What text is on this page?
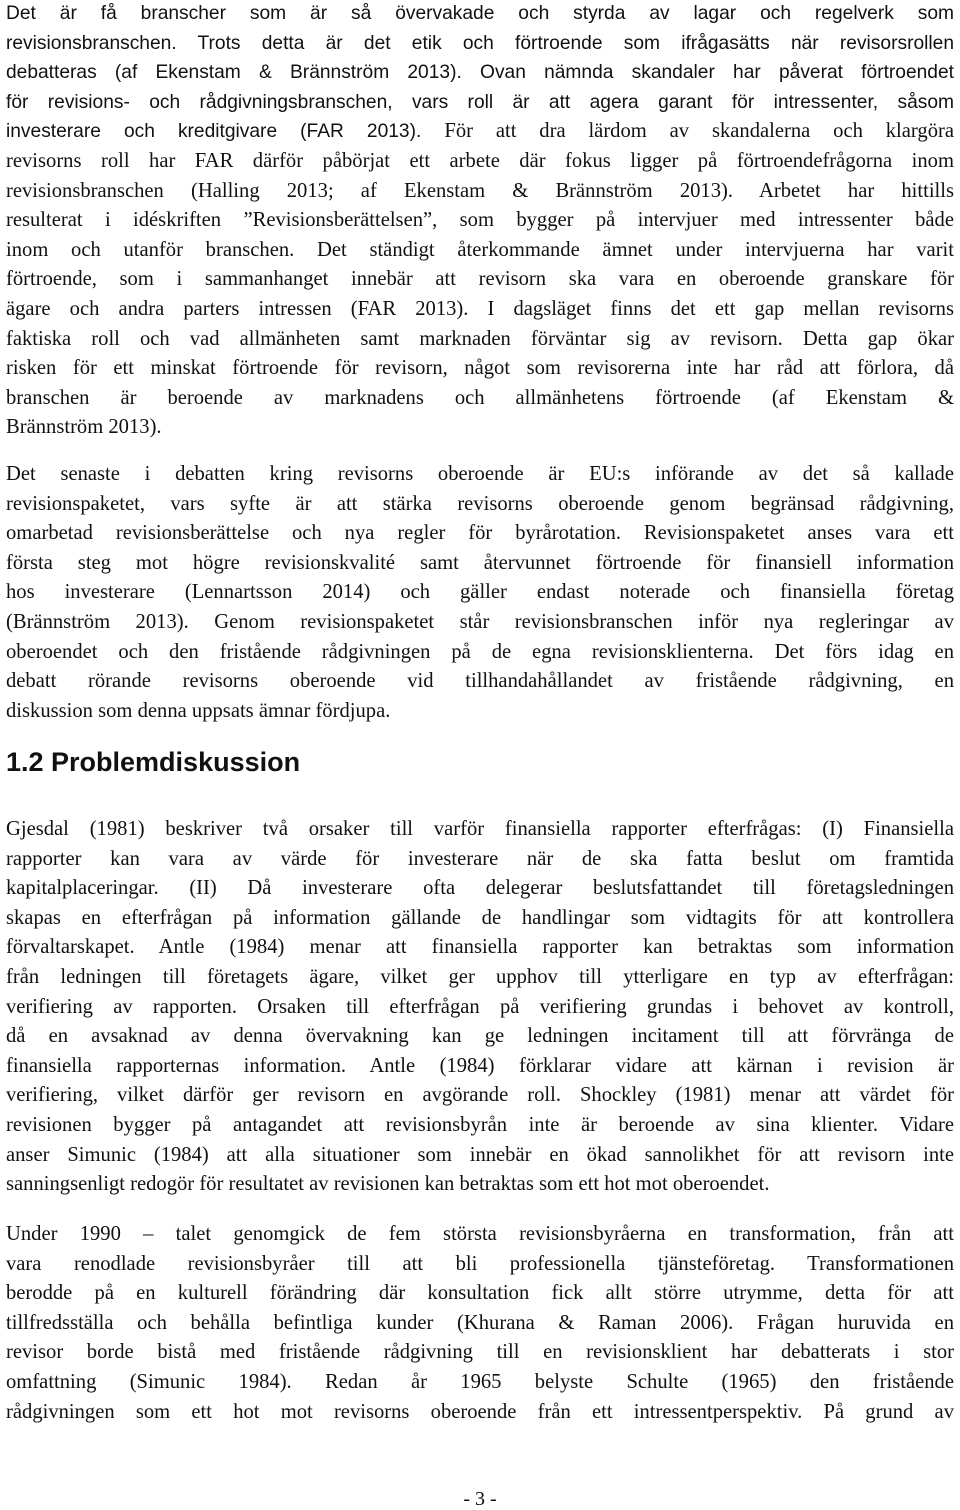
Det är få branscher som är så övervakade och styrda av lagar och regelverk som
revisionsbranschen. Trots detta är det etik och förtroende som ifrågasätts när revisorsrollen
debatteras (af Ekenstam & Brännström 2013). Ovan nämnda skandaler har påverat förtroendet
för revisions- och rådgivningsbranschen, vars roll är att agera garant för intressenter, såsom
investerare och kreditgivare (FAR 2013). För att dra lärdom av skandalerna och klargöra
revisorns roll har FAR därför påbörjat ett arbete där fokus ligger på förtroendefrågorna inom
revisionsbranschen (Halling 2013; af Ekenstam & Brännström 2013). Arbetet har hittills
resulterat i idéskriften ”Revisionsberättelsen”, som bygger på intervjuer med intressenter både
inom och utanför branschen. Det ständigt återkommande ämnet under intervjuerna har varit
förtroende, som i sammanhanget innebär att revisorn ska vara en oberoende granskare för
ägare och andra parters intressen (FAR 2013). I dagsläget finns det ett gap mellan revisorns
faktiska roll och vad allmänheten samt marknaden förväntar sig av revisorn. Detta gap ökar
risken för ett minskat förtroende för revisorn, något som revisorerna inte har råd att förlora, då
branschen är beroende av marknadens och allmänhetens förtroende (af Ekenstam &
Brännström 2013).
Det senaste i debatten kring revisorns oberoende är EU:s införande av det så kallade
revisionspaketet, vars syfte är att stärka revisorns oberoende genom begränsad rådgivning,
omarbetad revisionsberättelse och nya regler för byrårotation. Revisionspaketet anses vara ett
första steg mot högre revisionskvalité samt återvunnet förtroende för finansiell information
hos investerare (Lennartsson 2014) och gäller endast noterade och finansiella företag
(Brännström 2013). Genom revisionspaketet står revisionsbranschen inför nya regleringar av
oberoendet och den fristående rådgivningen på de egna revisionsklienterna. Det förs idag en
debatt rörande revisorns oberoende vid tillhandahållandet av fristående rådgivning, en
diskussion som denna uppsats ämnar fördjupa.
1.2 Problemdiskussion
Gjesdal (1981) beskriver två orsaker till varför finansiella rapporter efterfrågas: (I) Finansiella
rapporter kan vara av värde för investerare när de ska fatta beslut om framtida
kapitalplaceringar. (II) Då investerare ofta delegerar beslutsfattandet till företagsledningen
skapas en efterfrågan på information gällande de handlingar som vidtagits för att kontrollera
förvaltarskapet. Antle (1984) menar att finansiella rapporter kan betraktas som information
från ledningen till företagets ägare, vilket ger upphov till ytterligare en typ av efterfrågan:
verifiering av rapporten. Orsaken till efterfrågan på verifiering grundas i behovet av kontroll,
då en avsaknad av denna övervakning kan ge ledningen incitament till att förvränga de
finansiella rapporternas information. Antle (1984) förklarar vidare att kärnan i revision är
verifiering, vilket därför ger revisorn en avgörande roll. Shockley (1981) menar att värdet för
revisionen bygger på antagandet att revisionsbyrån inte är beroende av sina klienter. Vidare
anser Simunic (1984) att alla situationer som innebär en ökad sannolikhet för att revisorn inte
sanningsenligt redogör för resultatet av revisionen kan betraktas som ett hot mot oberoendet.
Under 1990 – talet genomgick de fem största revisionsbyråerna en transformation, från att
vara renodlade revisionsbyråer till att bli professionella tjänsteföretag. Transformationen
berodde på en kulturell förändring där konsultation fick allt större utrymme, detta för att
tillfredsställa och behålla befintliga kunder (Khurana & Raman 2006). Frågan huruvida en
revisor borde bistå med fristående rådgivning till en revisionsklient har debatterats i stor
omfattning (Simunic 1984). Redan år 1965 belyste Schulte (1965) den fristående
rådgivningen som ett hot mot revisorns oberoende från ett intressentperspektiv. På grund av
- 3 -
